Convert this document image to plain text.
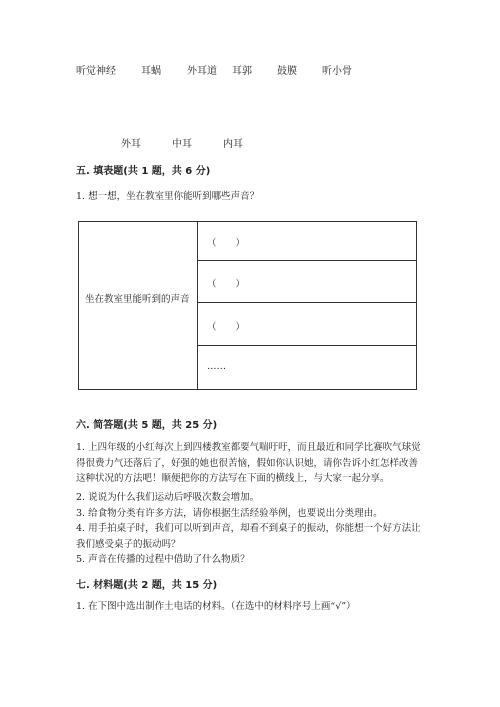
听觉神经	耳蜗	外耳道 耳郭	鼓膜	听小骨
外耳	中耳	内耳
五. 填表题(共 1 题，共 6 分)
1. 想一想，坐在教室里你能听到哪些声音？
坐在教室里能听到的声音
（　　）
（　　）
（　　）
……
六. 简答题(共 5 题，共 25 分)
1. 上四年级的小红每次上到四楼教室都要气喘吁吁，而且最近和同学比赛吹气球觉得很费力气还落后了，好强的她也很苦恼，假如你认识她，请你告诉小红怎样改善这种状况的方法吧！顺便把你的方法写在下面的横线上，与大家一起分享。
2. 说说为什么我们运动后呼吸次数会增加。
3. 给食物分类有许多方法，请你根据生活经验举例，也要说出分类理由。
4. 用手拍桌子时，我们可以听到声音，却看不到桌子的振动，你能想一个好方法让我们感受桌子的振动吗？
5. 声音在传播的过程中借助了什么物质？
七. 材料题(共 2 题，共 15 分)
1. 在下图中选出制作土电话的材料。（在选中的材料序号上画“√”）
